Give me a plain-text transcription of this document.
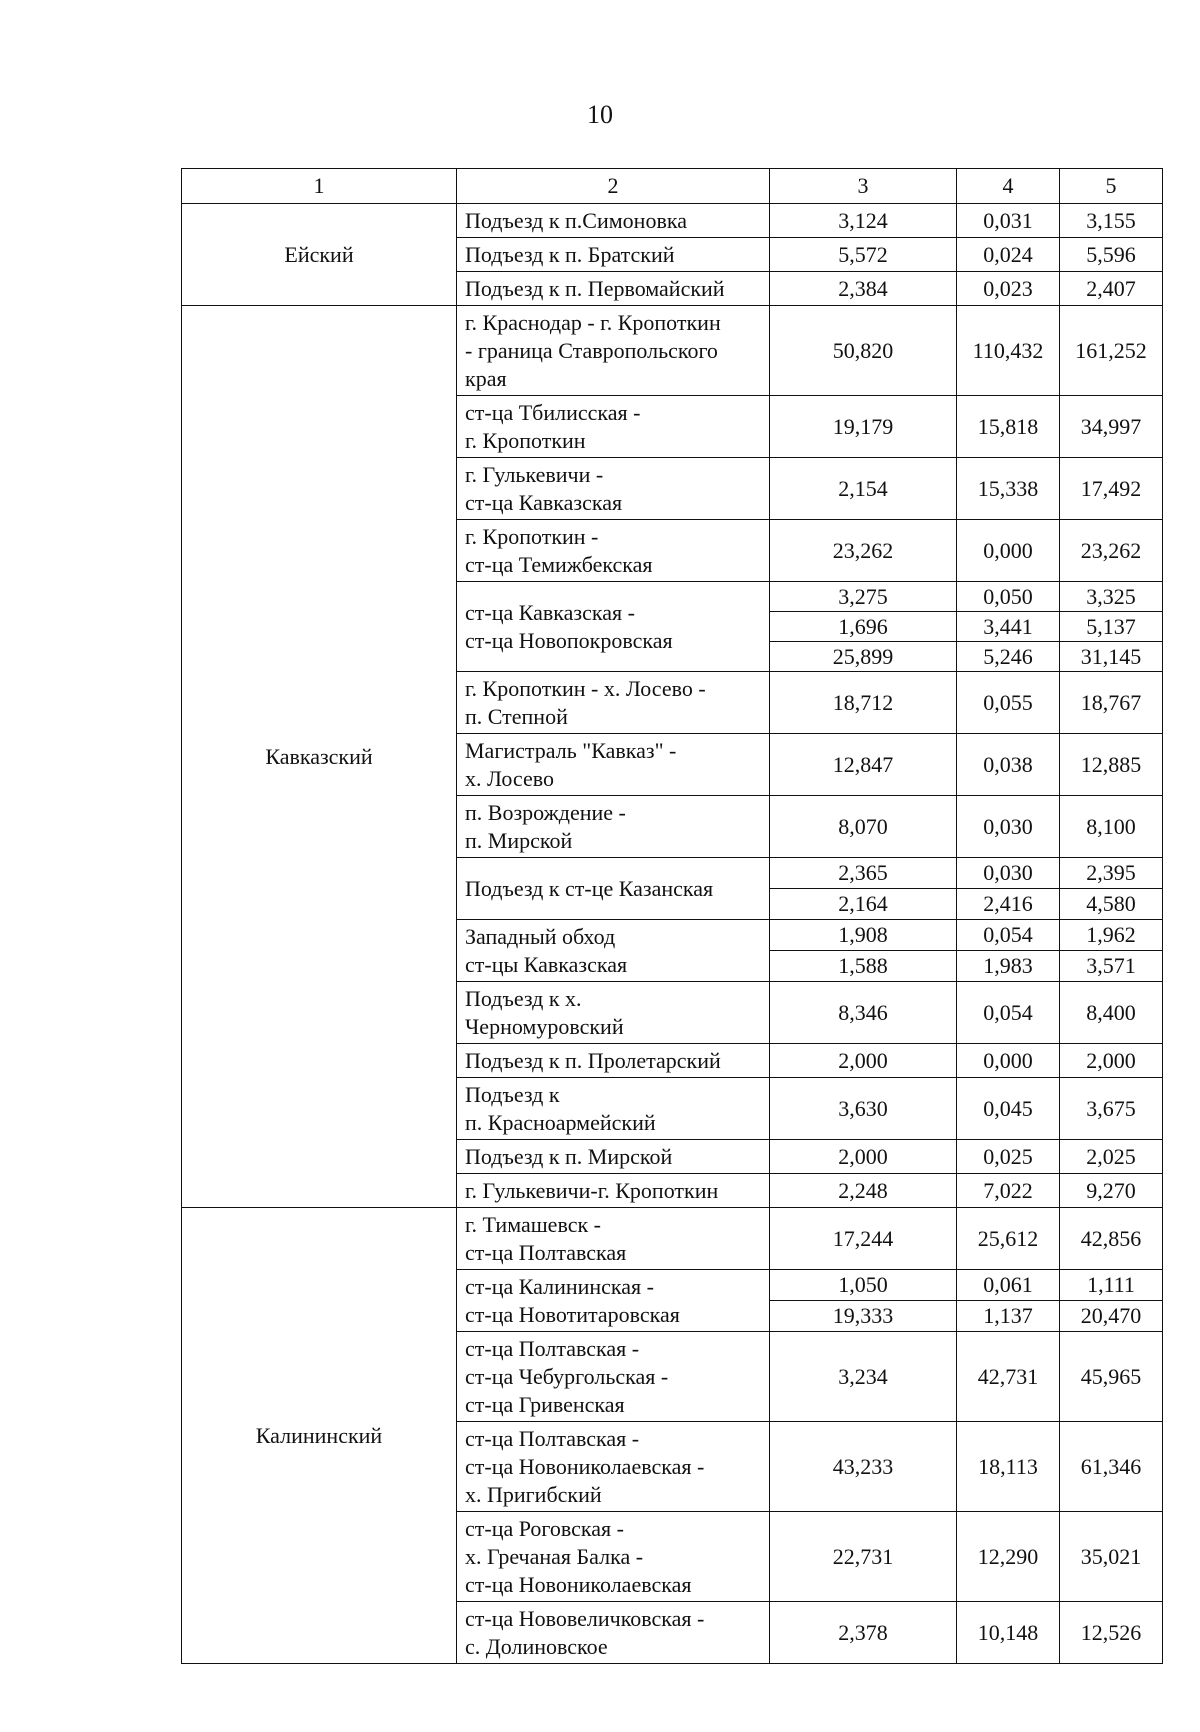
10
1	2	3	4	5
Ейский	Подъезд к п.Симоновка	3,124	0,031	3,155

	Подъезд к п. Братский	5,572	0,024	5,596

	Подъезд к п. Первомайский	2,384	0,023	2,407
Кавказский	г. Краснодар - г. Кропоткин
- граница Ставропольского
края	50,820	110,432	161,252

	ст-ца Тбилисская -
г. Кропоткин	19,179	15,818	34,997

	г. Гулькевичи -
ст-ца Кавказская	2,154	15,338	17,492

	г. Кропоткин -
ст-ца Темижбекская	23,262	0,000	23,262

	ст-ца Кавказская -
ст-ца Новопокровская	3,275	0,050	3,325
		1,696	3,441	5,137
		25,899	5,246	31,145

	г. Кропоткин - х. Лосево -
п. Степной	18,712	0,055	18,767

	Магистраль "Кавказ" -
х. Лосево	12,847	0,038	12,885

	п. Возрождение -
п. Мирской	8,070	0,030	8,100

	Подъезд к ст-це Казанская	2,365	0,030	2,395
		2,164	2,416	4,580

	Западный обход
ст-цы Кавказская	1,908	0,054	1,962
		1,588	1,983	3,571

	Подъезд к х.
Черномуровский	8,346	0,054	8,400

	Подъезд к п. Пролетарский	2,000	0,000	2,000

	Подъезд к
п. Красноармейский	3,630	0,045	3,675

	Подъезд к п. Мирской	2,000	0,025	2,025

	г. Гулькевичи-г. Кропоткин	2,248	7,022	9,270
Калининский	г. Тимашевск -
ст-ца Полтавская	17,244	25,612	42,856

	ст-ца Калининская -
ст-ца Новотитаровская	1,050	0,061	1,111
		19,333	1,137	20,470

	ст-ца Полтавская -
ст-ца Чебургольская -
ст-ца Гривенская	3,234	42,731	45,965

	ст-ца Полтавская -
ст-ца Новониколаевская -
х. Пригибский	43,233	18,113	61,346

	ст-ца Роговская -
х. Гречаная Балка -
ст-ца Новониколаевская	22,731	12,290	35,021

	ст-ца Нововеличковская -
с. Долиновское	2,378	10,148	12,526
